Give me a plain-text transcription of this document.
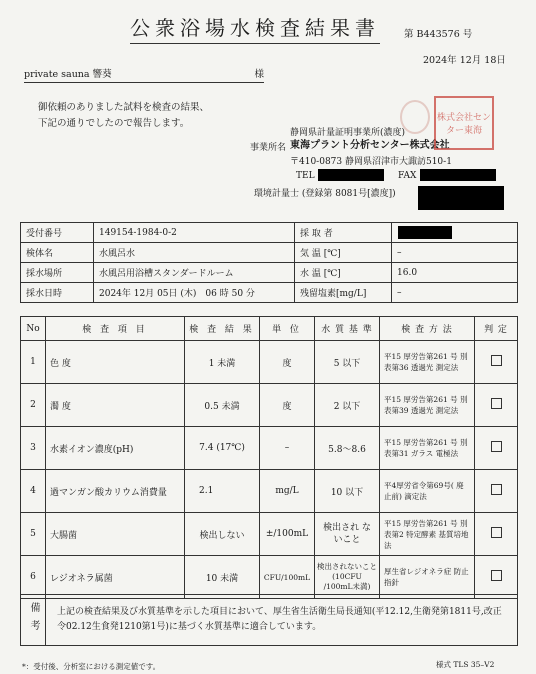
公衆浴場水検査結果書	第 B443576 号
2024年 12月 18日
private sauna 響葵	様
御依頼のありました試料を検査の結果、
下記の通りでしたので報告します。
静岡県計量証明事業所(濃度)
事業所名 東海プラント分析センター株式会社
〒410-0873 静岡県沼津市大諏訪510-1
TEL	FAX
環境計量士 (登録第 8081号[濃度])
株式会社センター東海
受付番号	149154-1984-0-2	採 取 者	

検体名	水風呂水	気 温 [℃]	–
採水場所	水風呂用浴槽スタンダードルーム	水 温 [℃]	16.0
採水日時	2024年 12月 05日 (木)　06 時 50 分	残留塩素[mg/L]	–
No	検 査 項 目	検 査 結 果	単 位	水 質 基 準	検 査 方 法	判 定
1	色 度	1 未満	度	5 以下	平15 厚労告第261 号 別表第36 透過光 測定法	
2	濁 度	0.5 未満	度	2 以下	平15 厚労告第261 号 別表第39 透過光 測定法	
3	水素イオン濃度(pH)	7.4 (17℃)	–	5.8〜8.6	平15 厚労告第261 号 別表第31 ガラス 電極法	
4	過マンガン酸カリウム消費量	2.1	mg/L	10 以下	平4厚労省令第69号( 廃止前) 滴定法	
5	大腸菌	検出しない	±/100mL	検出され ないこと	平15 厚労告第261 号 別表第2 特定酵素 基質培地法	
6	レジオネラ属菌	10 未満	CFU/100mL	検出されないこと (10CFU /100mL未満)	厚生省レジオネラ症 防止指針	
備考 上記の検査結果及び水質基準を示した項目において、厚生省生活衛生局長通知(平12.12,生衛発第1811号,改正 令02.12生食発1210第1号)に基づく水質基準に適合しています。
*：受付後、分析室における測定値です。	様式 TLS 35–V2
